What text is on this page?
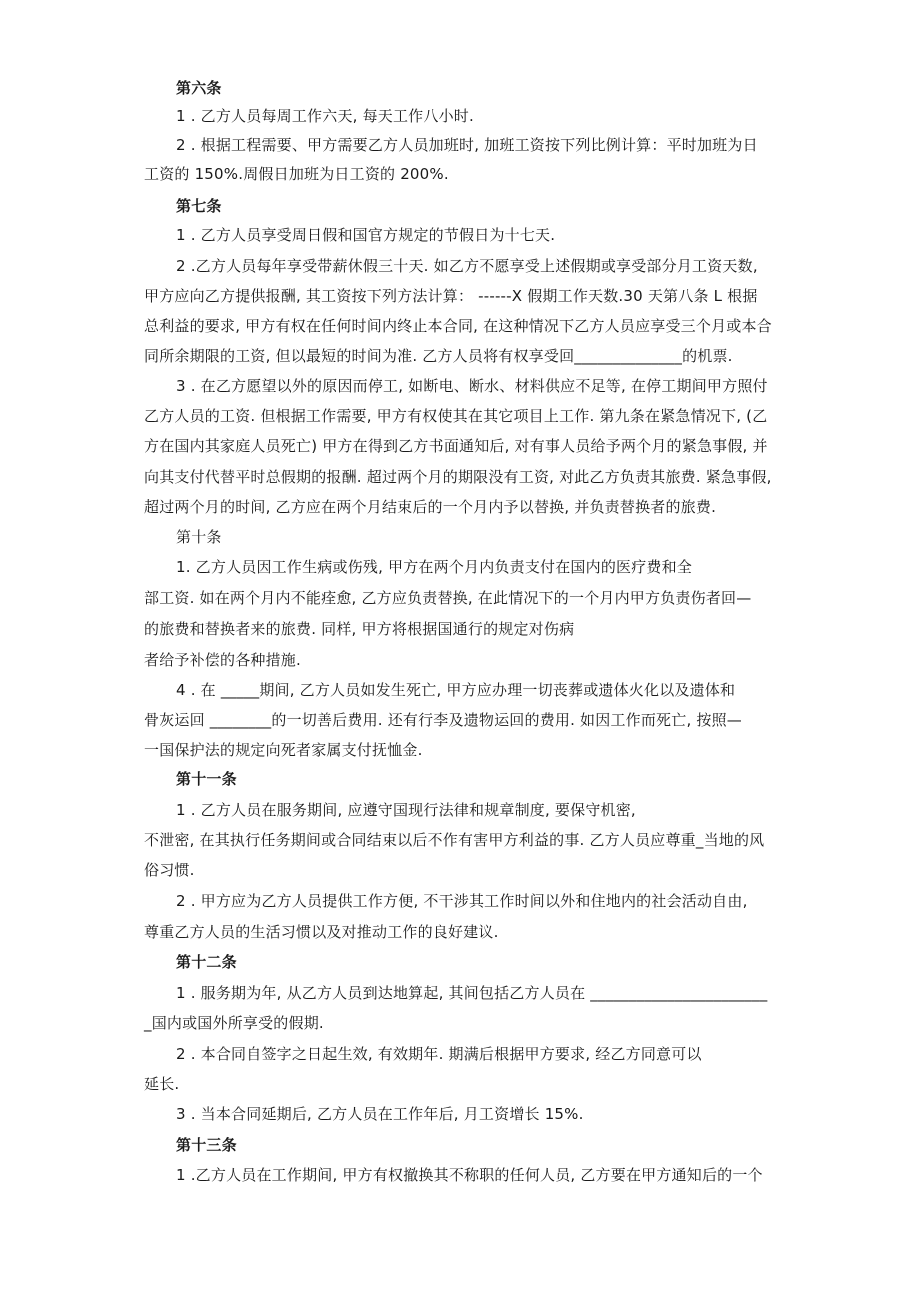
第六条
1 . 乙方人员每周工作六天, 每天工作八小时.
2 . 根据工程需要、甲方需要乙方人员加班时, 加班工资按下列比例计算：平时加班为日
工资的 150%.周假日加班为日工资的 200%.
第七条
1 . 乙方人员享受周日假和国官方规定的节假日为十七天.
2 .乙方人员每年享受带薪休假三十天. 如乙方不愿享受上述假期或享受部分月工资天数,
甲方应向乙方提供报酬, 其工资按下列方法计算： ------X 假期工作天数.30 天第八条 L 根据
总利益的要求, 甲方有权在任何时间内终止本合同, 在这种情况下乙方人员应享受三个月或本合
同所余期限的工资, 但以最短的时间为准. 乙方人员将有权享受回______________的机票.
3 . 在乙方愿望以外的原因而停工, 如断电、断水、材料供应不足等, 在停工期间甲方照付
乙方人员的工资. 但根据工作需要, 甲方有权使其在其它项目上工作. 第九条在紧急情况下, (乙
方在国内其家庭人员死亡) 甲方在得到乙方书面通知后, 对有事人员给予两个月的紧急事假, 并
向其支付代替平时总假期的报酬. 超过两个月的期限没有工资, 对此乙方负责其旅费. 紧急事假,
超过两个月的时间, 乙方应在两个月结束后的一个月内予以替换, 并负责替换者的旅费.
第十条
1. 乙方人员因工作生病或伤残, 甲方在两个月内负责支付在国内的医疗费和全
部工资. 如在两个月内不能痊愈, 乙方应负责替换, 在此情况下的一个月内甲方负责伤者回—
的旅费和替换者来的旅费. 同样, 甲方将根据国通行的规定对伤病
者给予补偿的各种措施.
4 . 在 _____期间, 乙方人员如发生死亡, 甲方应办理一切丧葬或遗体火化以及遗体和
骨灰运回 ________的一切善后费用. 还有行李及遗物运回的费用. 如因工作而死亡, 按照—
一国保护法的规定向死者家属支付抚恤金.
第十一条
1 . 乙方人员在服务期间, 应遵守国现行法律和规章制度, 要保守机密,
不泄密, 在其执行任务期间或合同结束以后不作有害甲方利益的事. 乙方人员应尊重_当地的风
俗习惯.
2 . 甲方应为乙方人员提供工作方便, 不干涉其工作时间以外和住地内的社会活动自由,
尊重乙方人员的生活习惯以及对推动工作的良好建议.
第十二条
1 . 服务期为年, 从乙方人员到达地算起, 其间包括乙方人员在 _______________________
_国内或国外所享受的假期.
2 . 本合同自签字之日起生效, 有效期年. 期满后根据甲方要求, 经乙方同意可以
延长.
3 . 当本合同延期后, 乙方人员在工作年后, 月工资增长 15%.
第十三条
1 .乙方人员在工作期间, 甲方有权撤换其不称职的任何人员, 乙方要在甲方通知后的一个
